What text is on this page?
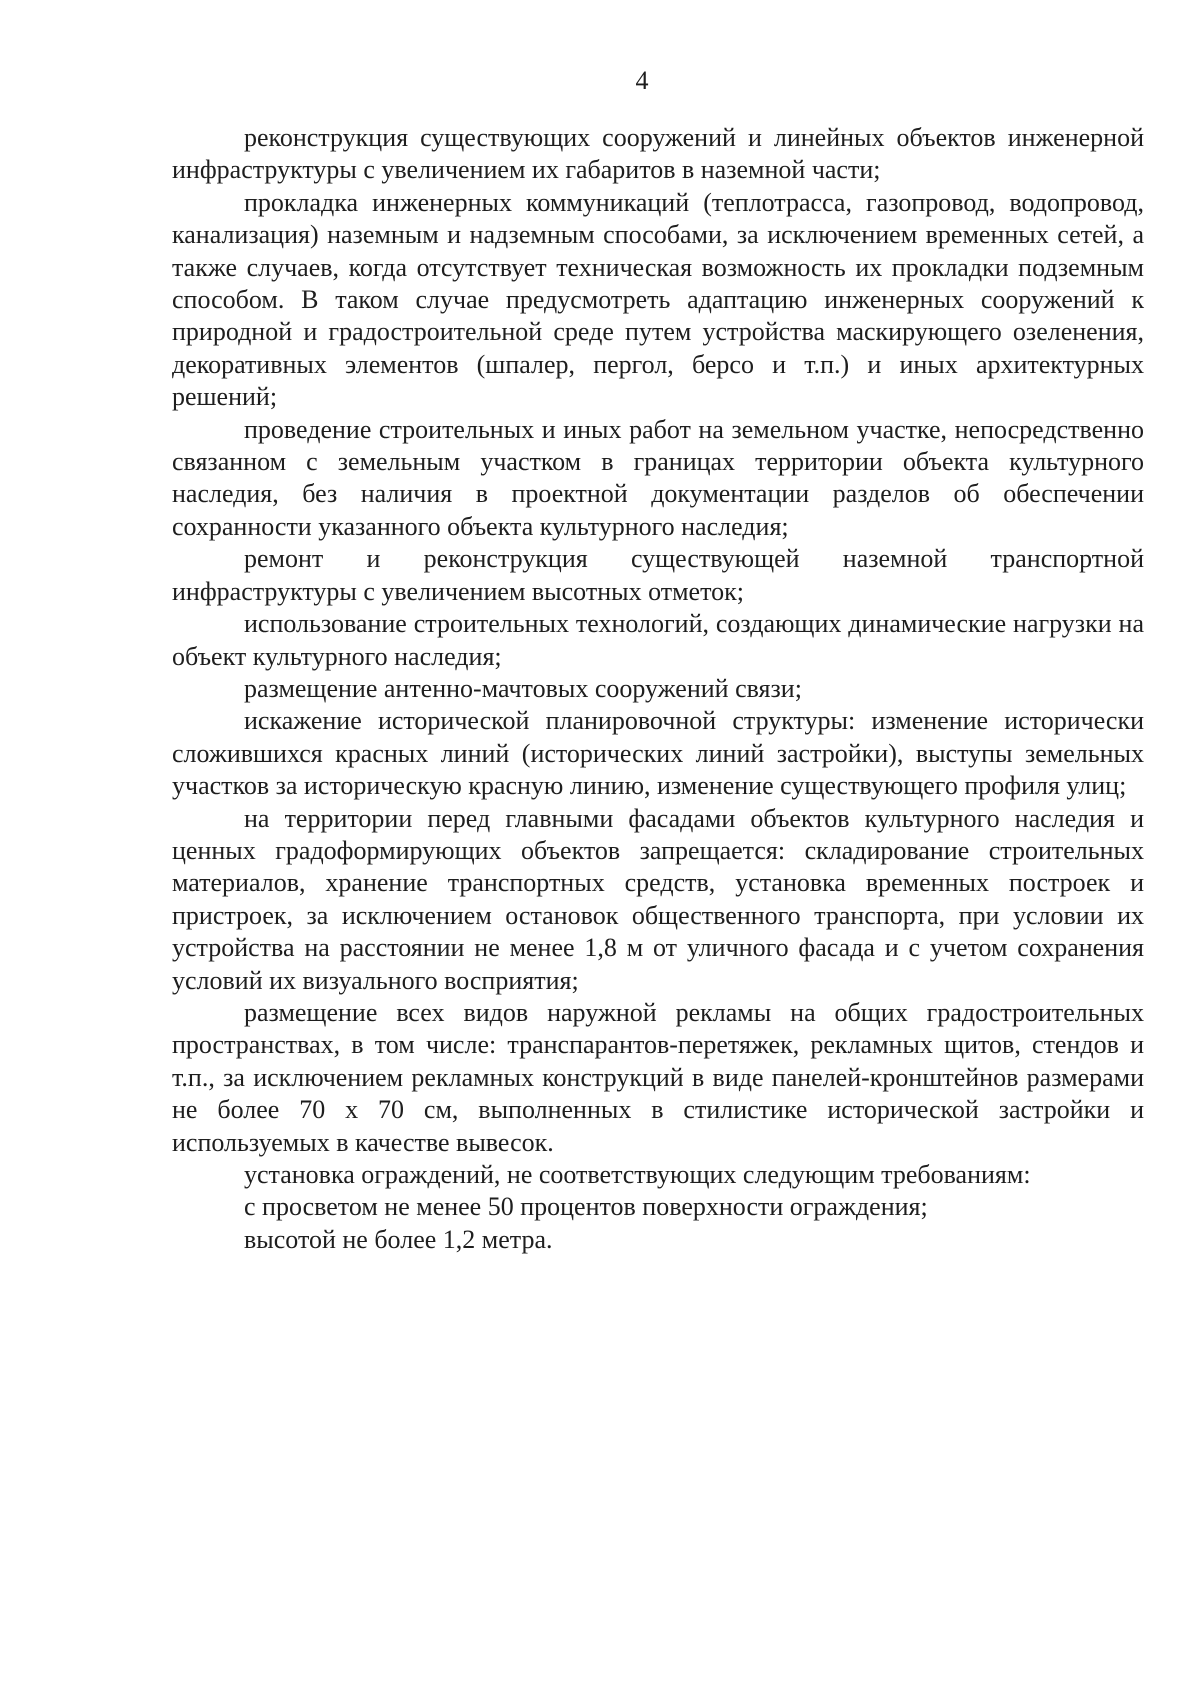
4

реконструкция существующих сооружений и линейных объектов инженерной инфраструктуры с увеличением их габаритов в наземной части;

прокладка инженерных коммуникаций (теплотрасса, газопровод, водопровод, канализация) наземным и надземным способами, за исключением временных сетей, а также случаев, когда отсутствует техническая возможность их прокладки подземным способом. В таком случае предусмотреть адаптацию инженерных сооружений к природной и градостроительной среде путем устройства маскирующего озеленения, декоративных элементов (шпалер, пергол, берсо и т.п.) и иных архитектурных решений;

проведение строительных и иных работ на земельном участке, непосредственно связанном с земельным участком в границах территории объекта культурного наследия, без наличия в проектной документации разделов об обеспечении сохранности указанного объекта культурного наследия;

ремонт и реконструкция существующей наземной транспортной инфраструктуры с увеличением высотных отметок;

использование строительных технологий, создающих динамические нагрузки на объект культурного наследия;

размещение антенно-мачтовых сооружений связи;

искажение исторической планировочной структуры: изменение исторически сложившихся красных линий (исторических линий застройки), выступы земельных участков за историческую красную линию, изменение существующего профиля улиц;

на территории перед главными фасадами объектов культурного наследия и ценных градоформирующих объектов запрещается: складирование строительных материалов, хранение транспортных средств, установка временных построек и пристроек, за исключением остановок общественного транспорта, при условии их устройства на расстоянии не менее 1,8 м от уличного фасада и с учетом сохранения условий их визуального восприятия;

размещение всех видов наружной рекламы на общих градостроительных пространствах, в том числе: транспарантов-перетяжек, рекламных щитов, стендов и т.п., за исключением рекламных конструкций в виде панелей-кронштейнов размерами не более 70 х 70 см, выполненных в стилистике исторической застройки и используемых в качестве вывесок.

установка ограждений, не соответствующих следующим требованиям:

с просветом не менее 50 процентов поверхности ограждения;

высотой не более 1,2 метра.
